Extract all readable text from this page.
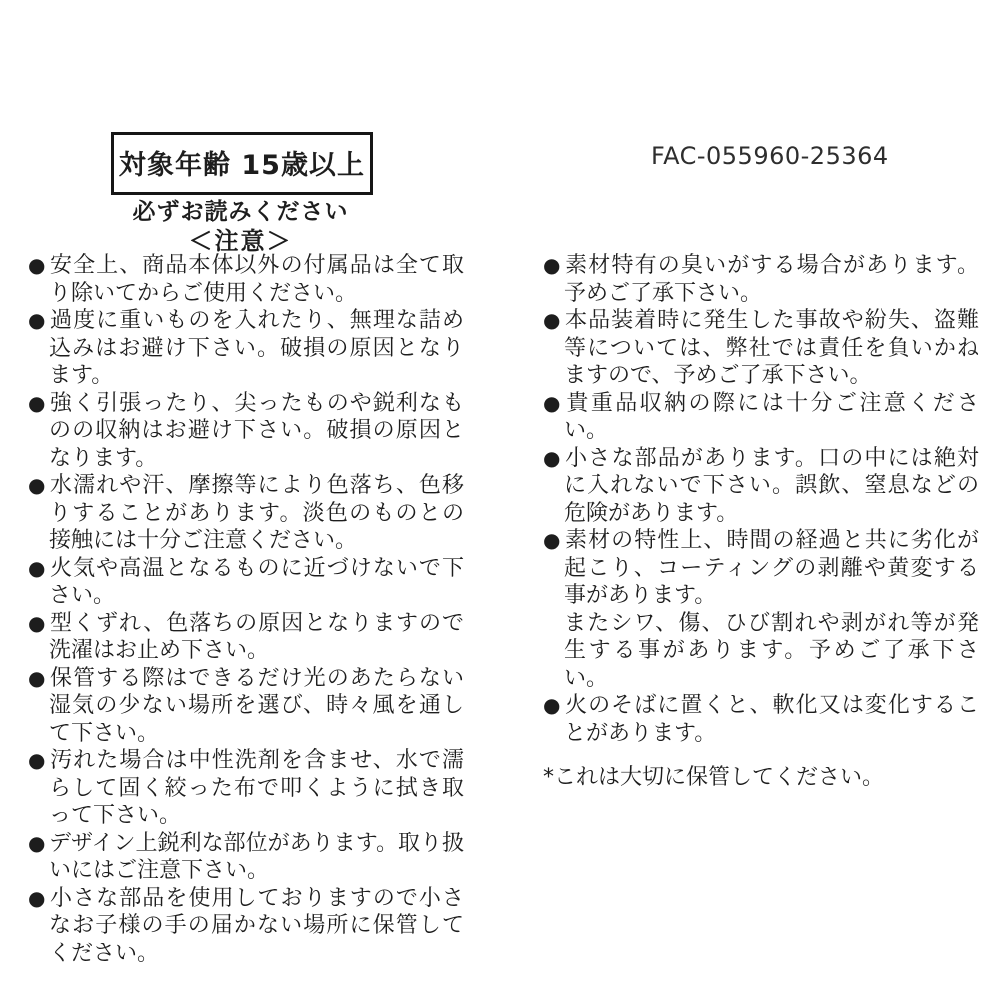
対象年齢 15歳以上	FAC-055960-25364
必ずお読みください
＜注意＞
● 安全上、商品本体以外の付属品は全て取り除いてからご使用ください。
● 過度に重いものを入れたり、無理な詰め込みはお避け下さい。破損の原因となります。
● 強く引張ったり、尖ったものや鋭利なものの収納はお避け下さい。破損の原因となります。
● 水濡れや汗、摩擦等により色落ち、色移りすることがあります。淡色のものとの接触には十分ご注意ください。
● 火気や高温となるものに近づけないで下さい。
● 型くずれ、色落ちの原因となりますので洗濯はお止め下さい。
● 保管する際はできるだけ光のあたらない湿気の少ない場所を選び、時々風を通して下さい。
● 汚れた場合は中性洗剤を含ませ、水で濡らして固く絞った布で叩くように拭き取って下さい。
● デザイン上鋭利な部位があります。取り扱いにはご注意下さい。
● 小さな部品を使用しておりますので小さなお子様の手の届かない場所に保管してください。
● 素材特有の臭いがする場合があります。予めご了承下さい。
● 本品装着時に発生した事故や紛失、盗難等については、弊社では責任を負いかねますので、予めご了承下さい。
● 貴重品収納の際には十分ご注意ください。
● 小さな部品があります。口の中には絶対に入れないで下さい。誤飲、窒息などの危険があります。
● 素材の特性上、時間の経過と共に劣化が起こり、コーティングの剥離や黄変する事があります。
またシワ、傷、ひび割れや剥がれ等が発生する事があります。予めご了承下さい。
● 火のそばに置くと、軟化又は変化することがあります。

*これは大切に保管してください。
